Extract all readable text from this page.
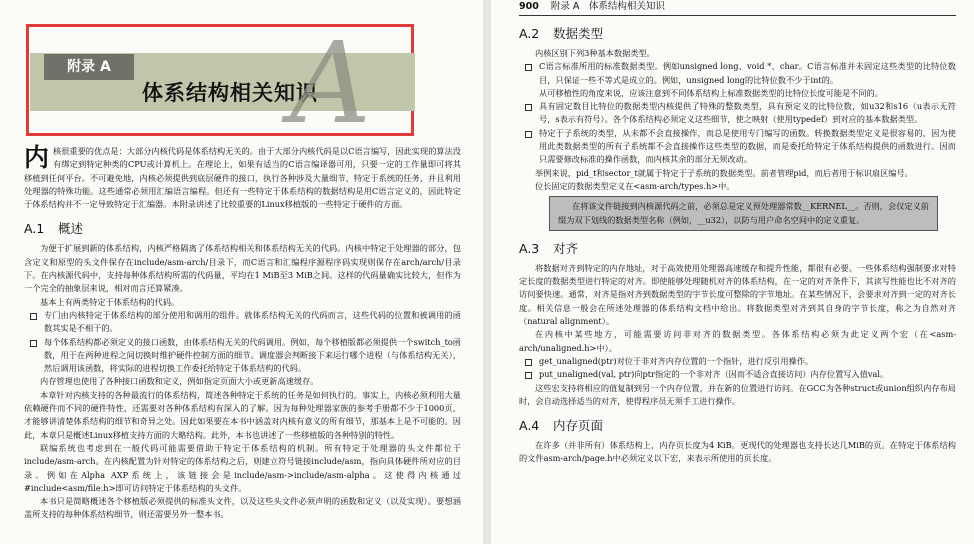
附录 A
体系结构相关知识
A

内核很重要的优点是：大部分内核代码是体系结构无关的。由于大部分内核代码是以C语言编写，因此实现的算法没有绑定到特定种类的CPU或计算机上。在理论上，如果有适当的C语言编译器可用，只要一定的工作量即可将其移植到任何平台。不可避免地，内核必须提供到底层硬件的接口，执行各种涉及大量细节、特定于系统的任务，并且利用处理器的特殊功能。这些通常必须用汇编语言编程。但还有一些特定于体系结构的数据结构是用C语言定义的，因此特定于体系结构并不一定导致特定于汇编器。本附录讲述了比较重要的Linux移植版的一些特定于硬件的方面。

A.1 概述

为便于扩展到新的体系结构，内核严格隔离了体系结构相关和体系结构无关的代码。内核中特定于处理器的部分，包含定义和原型的头文件保存在include/asm-arch/目录下，而C语言和汇编程序源程序码实现则保存在arch/arch/目录下。在内核源代码中，支持每种体系结构所需的代码量，平均在1 MiB至3 MiB之间。这样的代码量确实比较大，但作为一个完全的抽象层来说，相对而言还算紧凑。

基本上有两类特定于体系结构的代码。

专门由内核特定于体系结构的部分使用和调用的组件。就体系结构无关的代码而言，这些代码的位置和被调用的函数其实是不相干的。
每个体系结构都必须定义的接口函数，由体系结构无关的代码调用。例如，每个移植版都必须提供一个switch_to函数，用于在两种进程之间切换时维护硬件控制方面的细节。调度器会判断接下来运行哪个进程（与体系结构无关），然后调用该函数，将实际的进程切换工作委托给特定于体系结构的代码。

内存管理也使用了各种接口函数和定义，例如指定页面大小或更新高速缓存。

本章针对内核支持的各种最流行的体系结构，简述各种特定于系统的任务是如何执行的。事实上，内核必须利用大量依赖硬件而不同的硬件特性，还需要对各种体系结构有深入的了解。因为每种处理器家族的参考手册都不少于1000页，才能够讲清楚体系结构的细节和奇异之处。因此如果要在本书中涵盖对内核有意义的所有细节，那基本上是不可能的。因此，本章只是概述Linux移植支持方面的大略结构。此外，本书也讲述了一些移植版的各种特别的特性。

联编系统也考虑到在一般代码可能需要借助于特定于体系结构的机制。所有特定于处理器的头文件都位于include/asm-arch。在内核配置为针对特定的体系结构之后，则建立符号链接include/asm，指向具体硬件所对应的目录。例如在Alpha AXP系统上，该链接会是include/asm->include/asm-alpha。这使得内核通过#include<asm/file.h>即可访问特定于体系结构的头文件。

本书只是简略概述各个移植版必须提供的标准头文件，以及这些头文件必须声明的函数和定义（以及实现）。要想涵盖所支持的每种体系结构细节，则还需要另外一整本书。

900 附录 A　体系结构相关知识
A.2 数据类型

内核区别下列3种基本数据类型。

C语言标准所用的标准数据类型。例如unsigned long、void *、char。C语言标准并未固定这些类型的比特位数目，只保证一些不等式是成立的。例如，unsigned long的比特位数不少于int的。
从可移植性的角度来说，应该注意到不同体系结构上标准数据类型的比特位长度可能是不同的。
具有固定数目比特位的数据类型内核提供了特殊的整数类型，具有预定义的比特位数，如u32和s16（u表示无符号，s表示有符号）。各个体系结构必须定义这些细节，使之映射（使用typedef）到对应的基本数据类型。
特定于子系统的类型，从未都不会直接操作，而总是使用专门编写的函数。转换数据类型定义是很容易的，因为使用此类数据类型的所有子系统都不会直接操作这些类型的数据，而是委托给特定于体系结构提供的函数进行。因而只需要修改标准的操作函数，而内核其余的部分无须改动。

举例来说，pid_t和sector_t就属于特定于子系统的数据类型。前者管理pid，而后者用于标识扇区编号。

位长固定的数据类型定义在<asm-arch/types.h>中。

在将该文件链接到内核源代码之前，必须总是定义预处理器常数__KERNEL__。否则，会仅定义前缀为双下划线的数据类型名称（例如，__u32），以防与用户命名空间中的定义重复。

A.3 对齐

将数据对齐到特定的内存地址，对于高效使用处理器高速缓存和提升性能，都很有必要。一些体系结构强制要求对特定长度的数据类型进行特定的对齐。即使能够处理随机对齐的体系结构，在一定的对齐条件下，其读写性能也比不对齐的访问要快速。通常，对齐是指对齐到数据类型的字节长度可整除的字节地址。在某些情况下，会要求对齐到一定的对齐长度。相关信息一般会在所述处理器的体系结构文档中给出。将数据类型对齐到其自身的字节长度，称之为自然对齐（natural alignment）。

在内核中某些地方，可能需要访问非对齐的数据类型。各体系结构必须为此定义两个宏（在<asm-arch/unaligned.h>中）。

get_unaligned(ptr)对位于非对齐内存位置的一个指针，进行反引用操作。
put_unaligned(val, ptr)向ptr指定的一个非对齐（因而不适合直接访问）内存位置写入值val。

这些宏支持将相应的值复制到另一个内存位置，并在新的位置进行访问。在GCC为各种struct或union组织内存布局时，会自动选择适当的对齐，使得程序员无须手工进行操作。

A.4 内存页面

在许多（并非所有）体系结构上，内存页长度为4 KiB。更现代的处理器也支持长达几MiB的页。在特定于体系结构的文件asm-arch/page.h中必须定义以下宏，来表示所使用的页长度。
